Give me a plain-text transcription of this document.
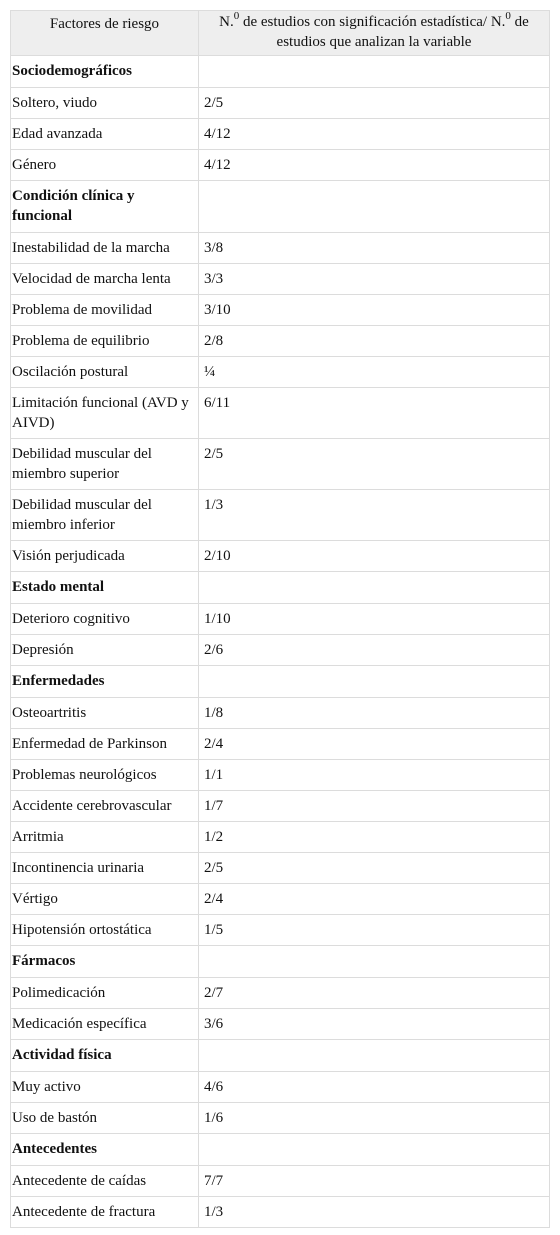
Factores de riesgo	N.$^0$ de estudios con significación estadística/ N.$^0$ de estudios que analizan la variable
Sociodemográficos	
Soltero, viudo	2/5
Edad avanzada	4/12
Género	4/12
Condición clínica y funcional	
Inestabilidad de la marcha	3/8
Velocidad de marcha lenta	3/3
Problema de movilidad	3/10
Problema de equilibrio	2/8
Oscilación postural	¼
Limitación funcional (AVD y AIVD)	6/11
Debilidad muscular del miembro superior	2/5
Debilidad muscular del miembro inferior	1/3
Visión perjudicada	2/10
Estado mental	
Deterioro cognitivo	1/10
Depresión	2/6
Enfermedades	
Osteoartritis	1/8
Enfermedad de Parkinson	2/4
Problemas neurológicos	1/1
Accidente cerebrovascular	1/7
Arritmia	1/2
Incontinencia urinaria	2/5
Vértigo	2/4
Hipotensión ortostática	1/5
Fármacos	
Polimedicación	2/7
Medicación específica	3/6
Actividad física	
Muy activo	4/6
Uso de bastón	1/6
Antecedentes	
Antecedente de caídas	7/7
Antecedente de fractura	1/3
